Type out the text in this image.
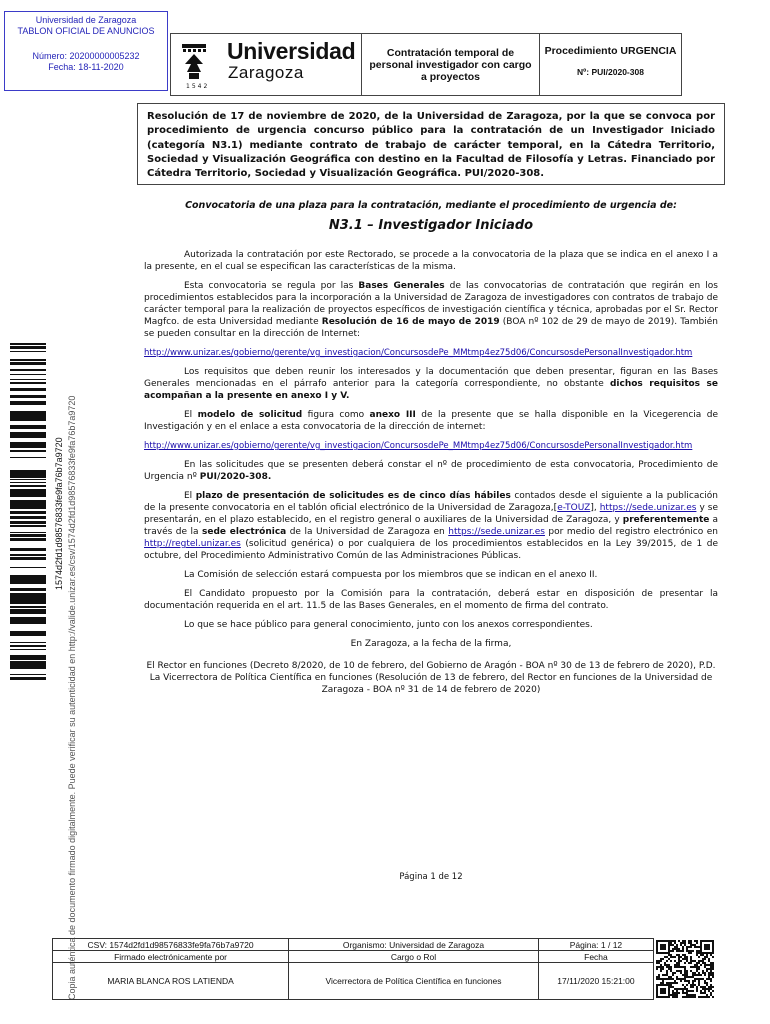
Universidad de Zaragoza
TABLON OFICIAL DE ANUNCIOS
Número: 20200000005232
Fecha: 18-11-2020
1574d2fd1d98576833fe9fa76b7a9720 Copia auténtica de documento firmado digitalmente. Puede verificar su autenticidad en http://valide.unizar.es/csv/1574d2fd1d98576833fe9fa76b7a9720
Universidad
Zaragoza
1542
Contratación temporal de personal investigador con cargo a proyectos
Procedimiento URGENCIA
Nº: PUI/2020-308
Resolución de 17 de noviembre de 2020, de la Universidad de Zaragoza, por la que se convoca por procedimiento de urgencia concurso público para la contratación de un Investigador Iniciado (categoría N3.1) mediante contrato de trabajo de carácter temporal, en la Cátedra Territorio, Sociedad y Visualización Geográfica con destino en la Facultad de Filosofía y Letras. Financiado por Cátedra Territorio, Sociedad y Visualización Geográfica. PUI/2020-308.
Convocatoria de una plaza para la contratación, mediante el procedimiento de urgencia de:
N3.1 – Investigador Iniciado

Autorizada la contratación por este Rectorado, se procede a la convocatoria de la plaza que se indica en el anexo I a la presente, en el cual se especifican las características de la misma.

Esta convocatoria se regula por las Bases Generales de las convocatorias de contratación que regirán en los procedimientos establecidos para la incorporación a la Universidad de Zaragoza de investigadores con contratos de trabajo de carácter temporal para la realización de proyectos específicos de investigación científica y técnica, aprobadas por el Sr. Rector Magfco. de esta Universidad mediante Resolución de 16 de mayo de 2019 (BOA nº 102 de 29 de mayo de 2019). También se pueden consultar en la dirección de Internet:

http://www.unizar.es/gobierno/gerente/vg_investigacion/ConcursosdePe_MMtmp4ez75d06/ConcursosdePersonalInvestigador.htm

Los requisitos que deben reunir los interesados y la documentación que deben presentar, figuran en las Bases Generales mencionadas en el párrafo anterior para la categoría correspondiente, no obstante dichos requisitos se acompañan a la presente en anexo I y V.

El modelo de solicitud figura como anexo III de la presente que se halla disponible en la Vicegerencia de Investigación y en el enlace a esta convocatoria de la dirección de internet:

http://www.unizar.es/gobierno/gerente/vg_investigacion/ConcursosdePe_MMtmp4ez75d06/ConcursosdePersonalInvestigador.htm

En las solicitudes que se presenten deberá constar el nº de procedimiento de esta convocatoria, Procedimiento de Urgencia nº PUI/2020-308.

El plazo de presentación de solicitudes es de cinco días hábiles contados desde el siguiente a la publicación de la presente convocatoria en el tablón oficial electrónico de la Universidad de Zaragoza,[e-TOUZ], https://sede.unizar.es y se presentarán, en el plazo establecido, en el registro general o auxiliares de la Universidad de Zaragoza, y preferentemente a través de la sede electrónica de la Universidad de Zaragoza en https://sede.unizar.es por medio del registro electrónico en http://regtel.unizar.es (solicitud genérica) o por cualquiera de los procedimientos establecidos en la Ley 39/2015, de 1 de octubre, del Procedimiento Administrativo Común de las Administraciones Públicas.

La Comisión de selección estará compuesta por los miembros que se indican en el anexo II.

El Candidato propuesto por la Comisión para la contratación, deberá estar en disposición de presentar la documentación requerida en el art. 11.5 de las Bases Generales, en el momento de firma del contrato.

Lo que se hace público para general conocimiento, junto con los anexos correspondientes.

En Zaragoza, a la fecha de la firma,

El Rector en funciones (Decreto 8/2020, de 10 de febrero, del Gobierno de Aragón - BOA nº 30 de 13 de febrero de 2020), P.D. La Vicerrectora de Política Científica en funciones (Resolución de 13 de febrero, del Rector en funciones de la Universidad de Zaragoza - BOA nº 31 de 14 de febrero de 2020)

Página 1 de 12
CSV: 1574d2fd1d98576833fe9fa76b7a9720	Organismo: Universidad de Zaragoza	Página: 1 / 12
Firmado electrónicamente por	Cargo o Rol	Fecha
MARIA BLANCA ROS LATIENDA	Vicerrectora de Política Científica en funciones	17/11/2020 15:21:00
